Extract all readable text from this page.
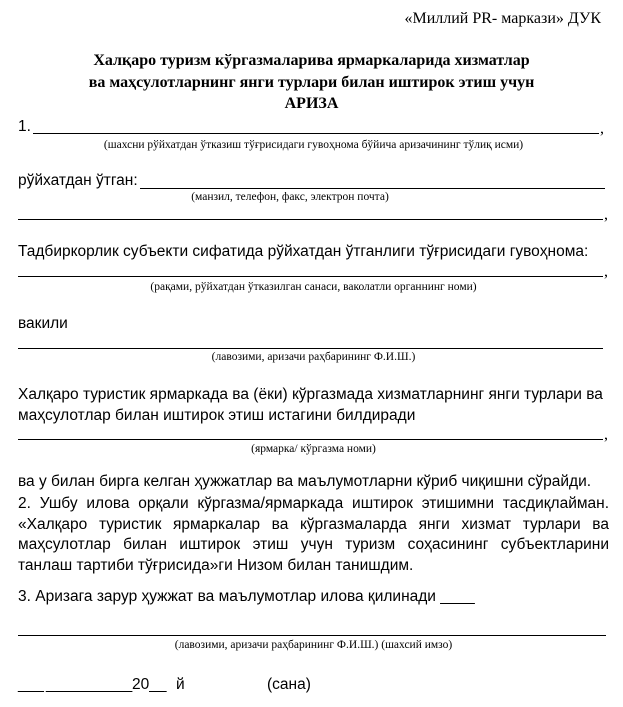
«Миллий PR- маркази» ДУК
Халқаро туризм кўргазмаларива ярмаркаларида хизматлар
ва маҳсулотларнинг янги турлари билан иштирок этиш учун
АРИЗА
1.	,
(шахсни рўйхатдан ўтказиш тўғрисидаги гувоҳнома бўйича аризачининг тўлиқ исми)
рўйхатдан ўтган:
(манзил, телефон, факс, электрон почта)
,
Тадбиркорлик субъекти сифатида рўйхатдан ўтганлиги тўғрисидаги гувоҳнома:
,
(рақами, рўйхатдан ўтказилган санаси, ваколатли органнинг номи)
вакили
(лавозими, аризачи раҳбарининг Ф.И.Ш.)
Халқаро туристик ярмаркада ва (ёки) кўргазмада хизматларнинг янги турлари ва маҳсулотлар билан иштирок этиш истагини билдиради
,
(ярмарка/ кўргазма номи)
ва у билан бирга келган ҳужжатлар ва маълумотларни кўриб чиқишни сўрайди.
2. Ушбу илова орқали кўргазма/ярмаркада иштирок этишимни тасдиқлайман. «Халқаро туристик ярмаркалар ва кўргазмаларда янги хизмат турлари ва маҳсулотлар билан иштирок этиш учун туризм соҳасининг субъектларини танлаш тартиби тўғрисида»ги Низом билан танишдим.
3. Аризага зарур ҳужжат ва маълумотлар илова қилинади ____
(лавозими, аризачи раҳбарининг Ф.И.Ш.) (шахсий имзо)
___ __________ 20__ й	(сана)
